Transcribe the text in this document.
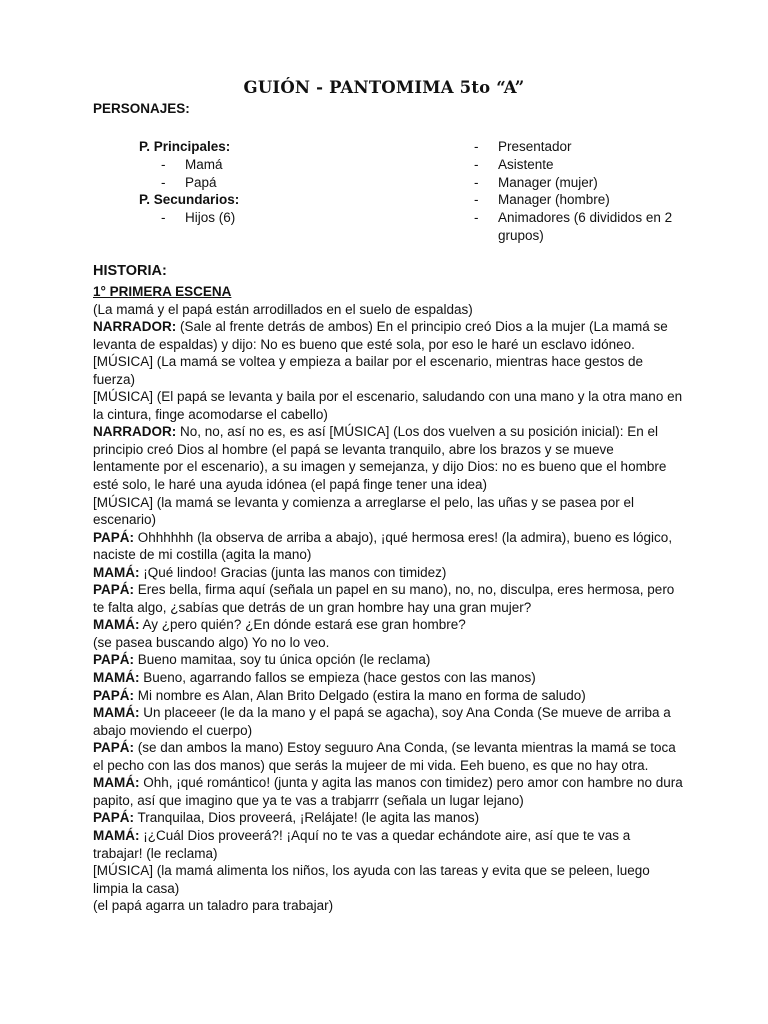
GUIÓN - PANTOMIMA 5to “A”
PERSONAJES:
P. Principales:
-	Mamá
-	Papá
P. Secundarios:
-	Hijos (6)
-	Presentador
-	Asistente
-	Manager (mujer)
-	Manager (hombre)
-	Animadores (6 divididos en 2 grupos)
HISTORIA:

1° PRIMERA ESCENA

(La mamá y el papá están arrodillados en el suelo de espaldas)

NARRADOR: (Sale al frente detrás de ambos) En el principio creó Dios a la mujer (La mamá se levanta de espaldas) y dijo: No es bueno que esté sola, por eso le haré un esclavo idóneo. [MÚSICA] (La mamá se voltea y empieza a bailar por el escenario, mientras hace gestos de fuerza)

[MÚSICA] (El papá se levanta y baila por el escenario, saludando con una mano y la otra mano en la cintura, finge acomodarse el cabello)

NARRADOR: No, no, así no es, es así [MÚSICA] (Los dos vuelven a su posición inicial): En el principio creó Dios al hombre (el papá se levanta tranquilo, abre los brazos y se mueve lentamente por el escenario), a su imagen y semejanza, y dijo Dios: no es bueno que el hombre esté solo, le haré una ayuda idónea (el papá finge tener una idea)

[MÚSICA] (la mamá se levanta y comienza a arreglarse el pelo, las uñas y se pasea por el escenario)

PAPÁ: Ohhhhhh (la observa de arriba a abajo), ¡qué hermosa eres! (la admira), bueno es lógico, naciste de mi costilla (agita la mano)

MAMÁ: ¡Qué lindoo! Gracias (junta las manos con timidez)

PAPÁ: Eres bella, firma aquí (señala un papel en su mano), no, no, disculpa, eres hermosa, pero te falta algo, ¿sabías que detrás de un gran hombre hay una gran mujer?

MAMÁ: Ay ¿pero quién? ¿En dónde estará ese gran hombre?

(se pasea buscando algo) Yo no lo veo.

PAPÁ: Bueno mamitaa, soy tu única opción (le reclama)

MAMÁ: Bueno, agarrando fallos se empieza (hace gestos con las manos)

PAPÁ: Mi nombre es Alan, Alan Brito Delgado (estira la mano en forma de saludo)

MAMÁ: Un placeeer (le da la mano y el papá se agacha), soy Ana Conda (Se mueve de arriba a abajo moviendo el cuerpo)

PAPÁ: (se dan ambos la mano) Estoy seguuro Ana Conda, (se levanta mientras la mamá se toca el pecho con las dos manos) que serás la mujeer de mi vida. Eeh bueno, es que no hay otra.

MAMÁ: Ohh, ¡qué romántico! (junta y agita las manos con timidez) pero amor con hambre no dura papito, así que imagino que ya te vas a trabjarrr (señala un lugar lejano)

PAPÁ: Tranquilaa, Dios proveerá, ¡Relájate! (le agita las manos)

MAMÁ: ¡¿Cuál Dios proveerá?! ¡Aquí no te vas a quedar echándote aire, así que te vas a trabajar! (le reclama)

[MÚSICA] (la mamá alimenta los niños, los ayuda con las tareas y evita que se peleen, luego limpia la casa)

(el papá agarra un taladro para trabajar)
